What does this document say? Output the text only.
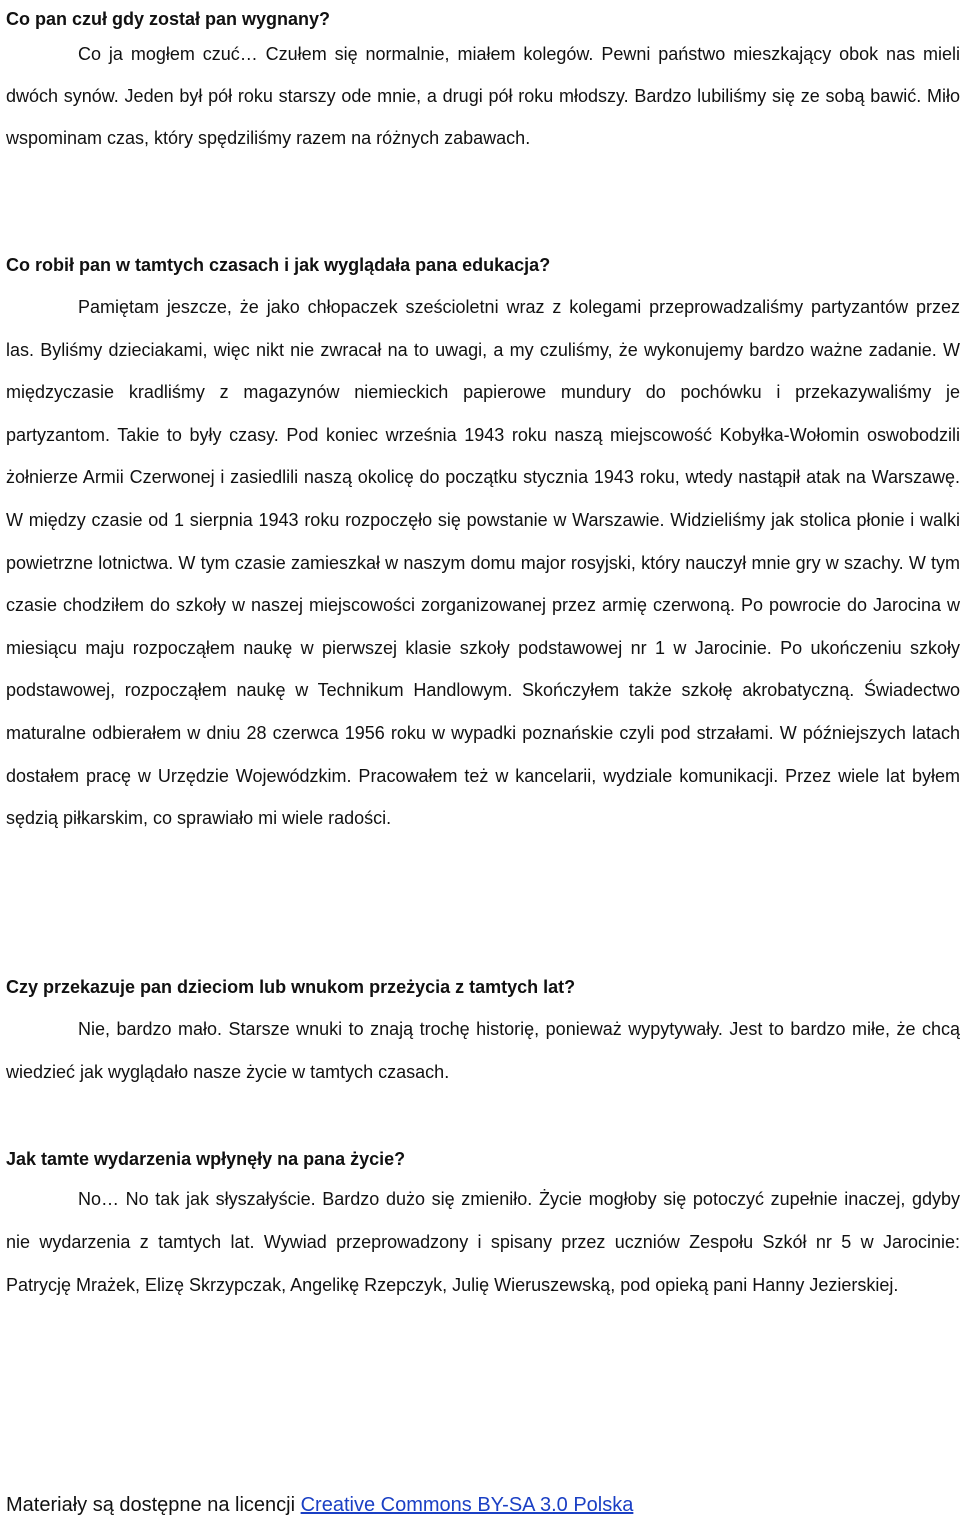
Co pan czuł gdy został pan wygnany?

Co ja mogłem czuć… Czułem się normalnie, miałem kolegów. Pewni państwo mieszkający obok nas mieli dwóch synów. Jeden był pół roku starszy ode mnie, a drugi pół roku młodszy. Bardzo lubiliśmy się ze sobą bawić. Miło wspominam czas, który spędziliśmy razem na różnych zabawach.

Co robił pan w tamtych czasach i jak wyglądała pana edukacja?

Pamiętam jeszcze, że jako chłopaczek sześcioletni wraz z kolegami przeprowadzaliśmy partyzantów przez las. Byliśmy dzieciakami, więc nikt nie zwracał na to uwagi, a my czuliśmy, że wykonujemy bardzo ważne zadanie. W międzyczasie kradliśmy z magazynów niemieckich papierowe mundury do pochówku i przekazywaliśmy je partyzantom. Takie to były czasy. Pod koniec września 1943 roku naszą miejscowość Kobyłka-Wołomin oswobodzili żołnierze Armii Czerwonej i zasiedlili naszą okolicę do początku stycznia 1943 roku, wtedy nastąpił atak na Warszawę. W między czasie od 1 sierpnia 1943 roku rozpoczęło się powstanie w Warszawie. Widzieliśmy jak stolica płonie i walki powietrzne lotnictwa. W tym czasie zamieszkał w naszym domu major rosyjski, który nauczył mnie gry w szachy. W tym czasie chodziłem do szkoły w naszej miejscowości zorganizowanej przez armię czerwoną. Po powrocie do Jarocina w miesiącu maju rozpocząłem naukę w pierwszej klasie szkoły podstawowej nr 1 w Jarocinie. Po ukończeniu szkoły podstawowej, rozpocząłem naukę w Technikum Handlowym. Skończyłem także szkołę akrobatyczną. Świadectwo maturalne odbierałem w dniu 28 czerwca 1956 roku w wypadki poznańskie czyli pod strzałami. W późniejszych latach dostałem pracę w Urzędzie Wojewódzkim. Pracowałem też w kancelarii, wydziale komunikacji. Przez wiele lat byłem sędzią piłkarskim, co sprawiało mi wiele radości.

Czy przekazuje pan dzieciom lub wnukom przeżycia z tamtych lat?

Nie, bardzo mało. Starsze wnuki to znają trochę historię, ponieważ wypytywały. Jest to bardzo miłe, że chcą wiedzieć jak wyglądało nasze życie w tamtych czasach.

Jak tamte wydarzenia wpłynęły na pana życie?

No… No tak jak słyszałyście. Bardzo dużo się zmieniło. Życie mogłoby się potoczyć zupełnie inaczej, gdyby nie wydarzenia z tamtych lat. Wywiad przeprowadzony i spisany przez uczniów Zespołu Szkół nr 5 w Jarocinie: Patrycję Mrażek, Elizę Skrzypczak, Angelikę Rzepczyk, Julię Wieruszewską, pod opieką pani Hanny Jezierskiej.

Materiały są dostępne na licencji Creative Commons BY-SA 3.0 Polska
